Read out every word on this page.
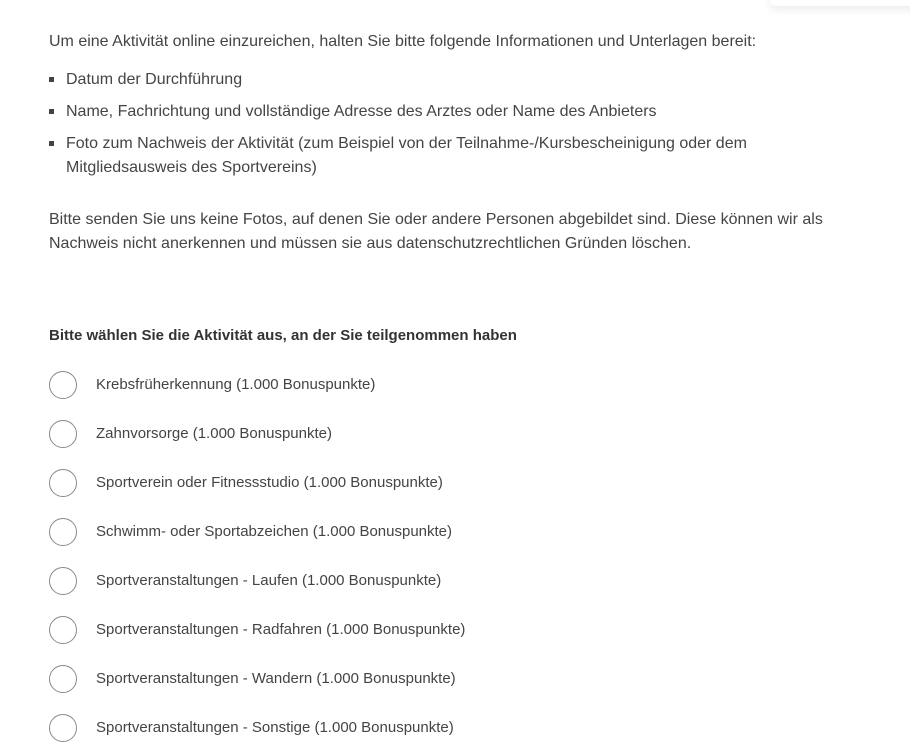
Um eine Aktivität online einzureichen, halten Sie bitte folgende Informationen und Unterlagen bereit:

Datum der Durchführung
Name, Fachrichtung und vollständige Adresse des Arztes oder Name des Anbieters
Foto zum Nachweis der Aktivität (zum Beispiel von der Teilnahme-/Kursbescheinigung oder dem Mitgliedsausweis des Sportvereins)

Bitte senden Sie uns keine Fotos, auf denen Sie oder andere Personen abgebildet sind. Diese können wir als Nachweis nicht anerkennen und müssen sie aus datenschutzrechtlichen Gründen löschen.

Bitte wählen Sie die Aktivität aus, an der Sie teilgenommen haben
Krebsfrüherkennung (1.000 Bonuspunkte)
Zahnvorsorge (1.000 Bonuspunkte)
Sportverein oder Fitnessstudio (1.000 Bonuspunkte)
Schwimm- oder Sportabzeichen (1.000 Bonuspunkte)
Sportveranstaltungen - Laufen (1.000 Bonuspunkte)
Sportveranstaltungen - Radfahren (1.000 Bonuspunkte)
Sportveranstaltungen - Wandern (1.000 Bonuspunkte)
Sportveranstaltungen - Sonstige (1.000 Bonuspunkte)
